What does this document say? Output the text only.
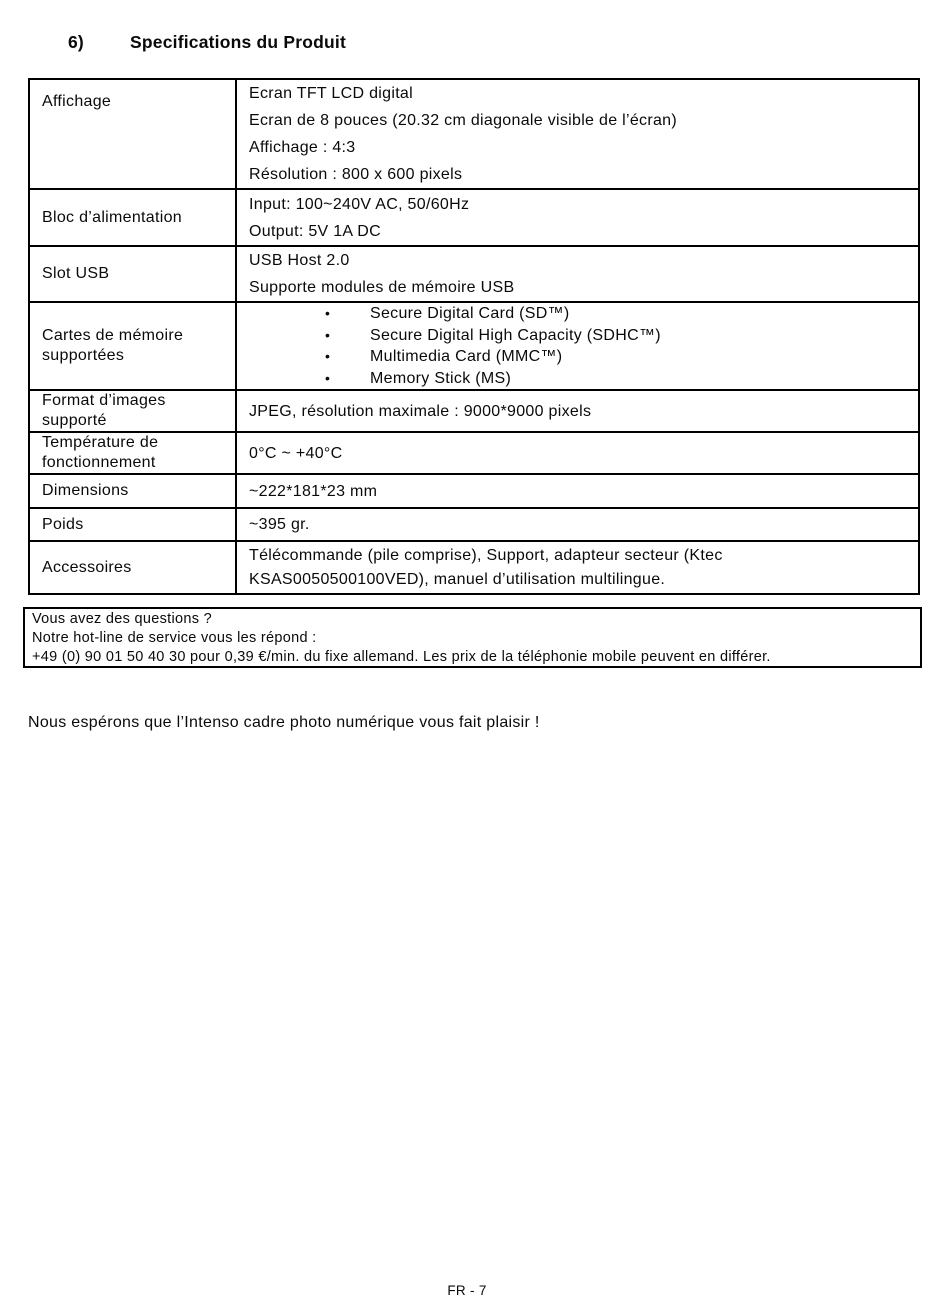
6)	Specifications du Produit
Affichage	Ecran TFT LCD digital
Ecran de 8 pouces (20.32 cm diagonale visible de l’écran)
Affichage : 4:3
Résolution : 800 x 600 pixels

Bloc d’alimentation	Input: 100~240V AC, 50/60Hz
Output: 5V 1A DC

Slot USB	USB Host 2.0
Supporte modules de mémoire USB

Cartes de mémoire supportées	• Secure Digital Card (SD™)
• Secure Digital High Capacity (SDHC™)
• Multimedia Card (MMC™)
• Memory Stick (MS)

Format d’images supporté	JPEG, résolution maximale : 9000*9000 pixels

Température de fonctionnement	0°C ~ +40°C

Dimensions	~222*181*23 mm

Poids	~395 gr.

Accessoires	Télécommande (pile comprise), Support, adapteur secteur (Ktec
KSAS0050500100VED), manuel d’utilisation multilingue.
Vous avez des questions ?
Notre hot-line de service vous les répond :
+49 (0) 90 01 50 40 30 pour 0,39 €/min. du fixe allemand. Les prix de la téléphonie mobile peuvent en différer.
Nous espérons que l’Intenso cadre photo numérique vous fait plaisir !
FR - 7
